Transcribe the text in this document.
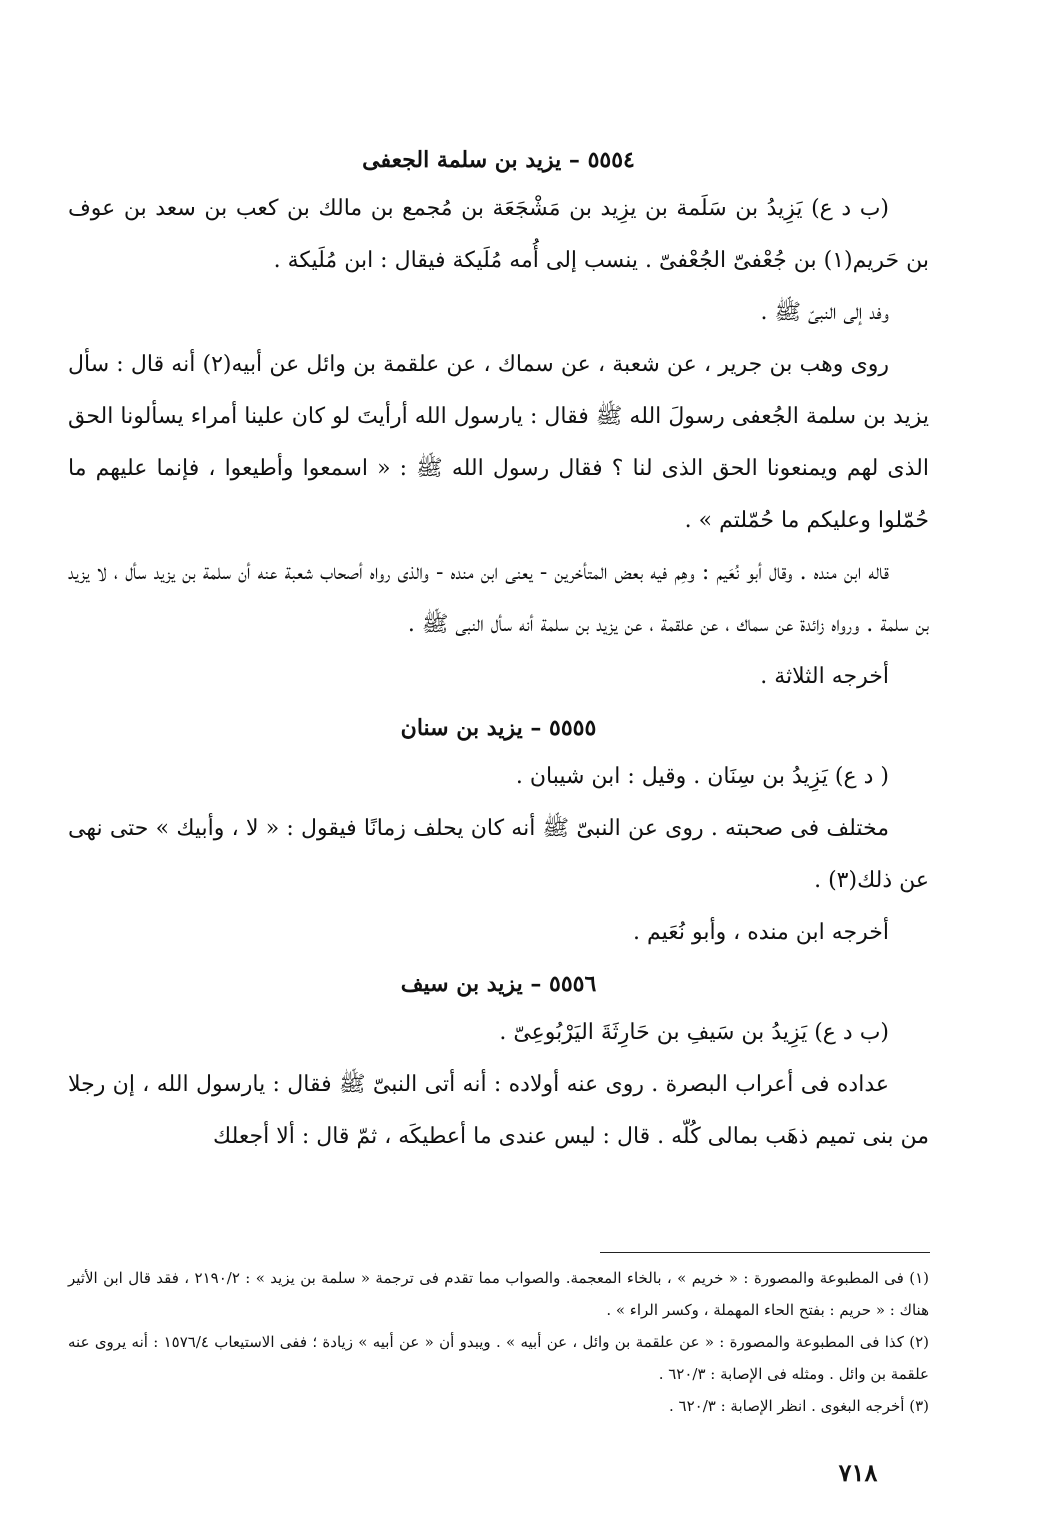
٥٥٥٤ – يزيد بن سلمة الجعفى

(ب د ع) يَزِيدُ بن سَلَمة بن يزِيد بن مَشْجَعَة بن مُجمع بن مالك بن كعب بن سعد بن عوف بن حَريم(١) بن جُعْفىّ الجُعْفىّ . ينسب إلى أُمه مُلَيكة فيقال : ابن مُلَيكة .

وفد إلى النبىّ ﷺ .

روى وهب بن جرير ، عن شعبة ، عن سماك ، عن علقمة بن وائل عن أبيه(٢) أنه قال : سأل يزيد بن سلمة الجُعفى رسولَ الله ﷺ فقال : يارسول الله أرأيتَ لو كان علينا أمراء يسألونا الحق الذى لهم ويمنعونا الحق الذى لنا ؟ فقال رسول الله ﷺ : « اسمعوا وأطيعوا ، فإنما عليهم ما حُمّلوا وعليكم ما حُمّلتم » .

قاله ابن منده . وقال أبو نُعَيم : وهِم فيه بعض المتأخرين - يعنى ابن منده - والذى رواه أصحاب شعبة عنه أن سلمة بن يزيد سأل ، لا يزيد بن سلمة . ورواه زائدة عن سماك ، عن علقمة ، عن يزيد بن سلمة أنه سأل النبى ﷺ .

أخرجه الثلاثة .

٥٥٥٥ – يزيد بن سنان

( د ع) يَزِيدُ بن سِنَان . وقيل : ابن شيبان .

مختلف فى صحبته . روى عن النبىّ ﷺ أنه كان يحلف زمانًا فيقول : « لا ، وأبيك » حتى نهى عن ذلك(٣) .

أخرجه ابن منده ، وأبو نُعَيم .

٥٥٥٦ – يزيد بن سيف

(ب د ع) يَزِيدُ بن سَيفِ بن حَارِثَةَ اليَرْبُوعِىّ .

عداده فى أعراب البصرة . روى عنه أولاده : أنه أتى النبىّ ﷺ فقال : يارسول الله ، إن رجلا من بنى تميم ذهَب بمالى كُلّه . قال : ليس عندى ما أعطيكَه ، ثمّ قال : ألا أجعلك

(١) فى المطبوعة والمصورة : « خريم » ، بالخاء المعجمة. والصواب مما تقدم فى ترجمة « سلمة بن يزيد » : ٢١٩٠/٢ ، فقد قال ابن الأثير هناك : « حريم : بفتح الحاء المهملة ، وكسر الراء » .

(٢) كذا فى المطبوعة والمصورة : « عن علقمة بن وائل ، عن أبيه » . ويبدو أن « عن أبيه » زيادة ؛ ففى الاستيعاب ١٥٧٦/٤ : أنه يروى عنه علقمة بن وائل . ومثله فى الإصابة : ٦٢٠/٣ .

(٣) أخرجه البغوى . انظر الإصابة : ٦٢٠/٣ .

٧١٨
